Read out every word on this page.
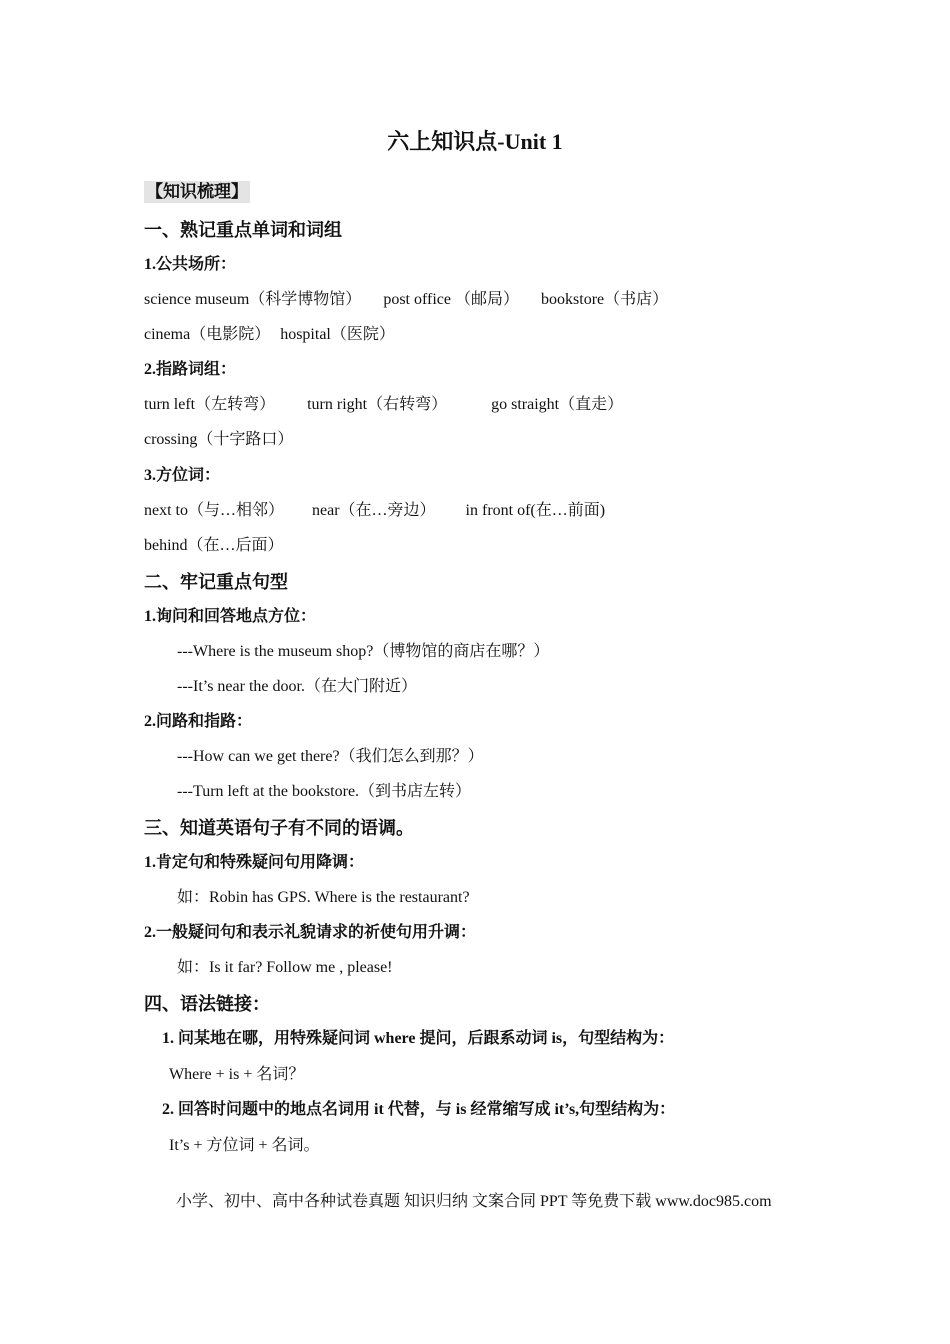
六上知识点-Unit 1
【知识梳理】
一、熟记重点单词和词组
1.公共场所：
science museum（科学博物馆） post office （邮局） bookstore（书店）
cinema（电影院） hospital（医院）
2.指路词组：
turn left（左转弯） turn right（右转弯）	go straight（直走）
crossing（十字路口）
3.方位词：
next to（与…相邻） near（在…旁边） in front of(在…前面)
behind（在…后面）
二、牢记重点句型
1.询问和回答地点方位：
---Where is the museum shop?（博物馆的商店在哪？）
---It’s near the door.（在大门附近）
2.问路和指路：
---How can we get there?（我们怎么到那？）
---Turn left at the bookstore.（到书店左转）
三、知道英语句子有不同的语调。
1.肯定句和特殊疑问句用降调：
如：Robin has GPS. Where is the restaurant?
2.一般疑问句和表示礼貌请求的祈使句用升调：
如：Is it far? Follow me , please!
四、语法链接：
1. 问某地在哪，用特殊疑问词 where 提问，后跟系动词 is，句型结构为：
Where + is + 名词？
2. 回答时问题中的地点名词用 it 代替，与 is 经常缩写成 it’s,句型结构为：
It’s + 方位词 + 名词。
小学、初中、高中各种试卷真题 知识归纳 文案合同 PPT 等免费下载 www.doc985.com
